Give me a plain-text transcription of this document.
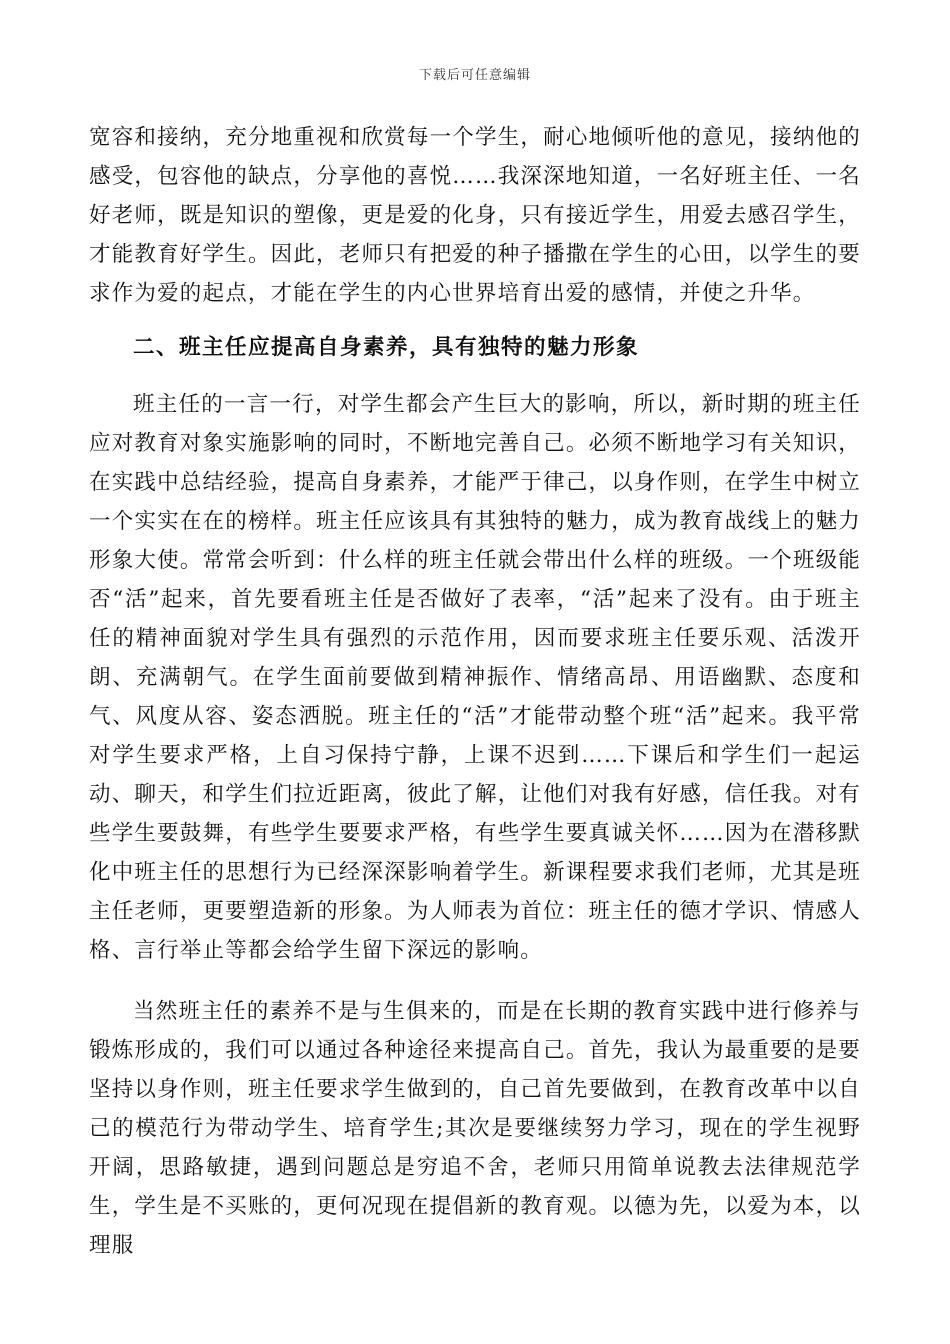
下载后可任意编辑

宽容和接纳，充分地重视和欣赏每一个学生，耐心地倾听他的意见，接纳他的感受，包容他的缺点，分享他的喜悦……我深深地知道，一名好班主任、一名好老师，既是知识的塑像，更是爱的化身，只有接近学生，用爱去感召学生，才能教育好学生。因此，老师只有把爱的种子播撒在学生的心田，以学生的要求作为爱的起点，才能在学生的内心世界培育出爱的感情，并使之升华。

二、班主任应提高自身素养，具有独特的魅力形象

班主任的一言一行，对学生都会产生巨大的影响，所以，新时期的班主任应对教育对象实施影响的同时，不断地完善自己。必须不断地学习有关知识，在实践中总结经验，提高自身素养，才能严于律己，以身作则，在学生中树立一个实实在在的榜样。班主任应该具有其独特的魅力，成为教育战线上的魅力形象大使。常常会听到：什么样的班主任就会带出什么样的班级。一个班级能否“活”起来，首先要看班主任是否做好了表率，“活”起来了没有。由于班主任的精神面貌对学生具有强烈的示范作用，因而要求班主任要乐观、活泼开朗、充满朝气。在学生面前要做到精神振作、情绪高昂、用语幽默、态度和气、风度从容、姿态洒脱。班主任的“活”才能带动整个班“活”起来。我平常对学生要求严格，上自习保持宁静，上课不迟到……下课后和学生们一起运动、聊天，和学生们拉近距离，彼此了解，让他们对我有好感，信任我。对有些学生要鼓舞，有些学生要要求严格，有些学生要真诚关怀……因为在潜移默化中班主任的思想行为已经深深影响着学生。新课程要求我们老师，尤其是班主任老师，更要塑造新的形象。为人师表为首位：班主任的德才学识、情感人格、言行举止等都会给学生留下深远的影响。

当然班主任的素养不是与生俱来的，而是在长期的教育实践中进行修养与锻炼形成的，我们可以通过各种途径来提高自己。首先，我认为最重要的是要坚持以身作则，班主任要求学生做到的，自己首先要做到，在教育改革中以自己的模范行为带动学生、培育学生;其次是要继续努力学习，现在的学生视野开阔，思路敏捷，遇到问题总是穷追不舍，老师只用简单说教去法律规范学生，学生是不买账的，更何况现在提倡新的教育观。以德为先，以爱为本，以理服
